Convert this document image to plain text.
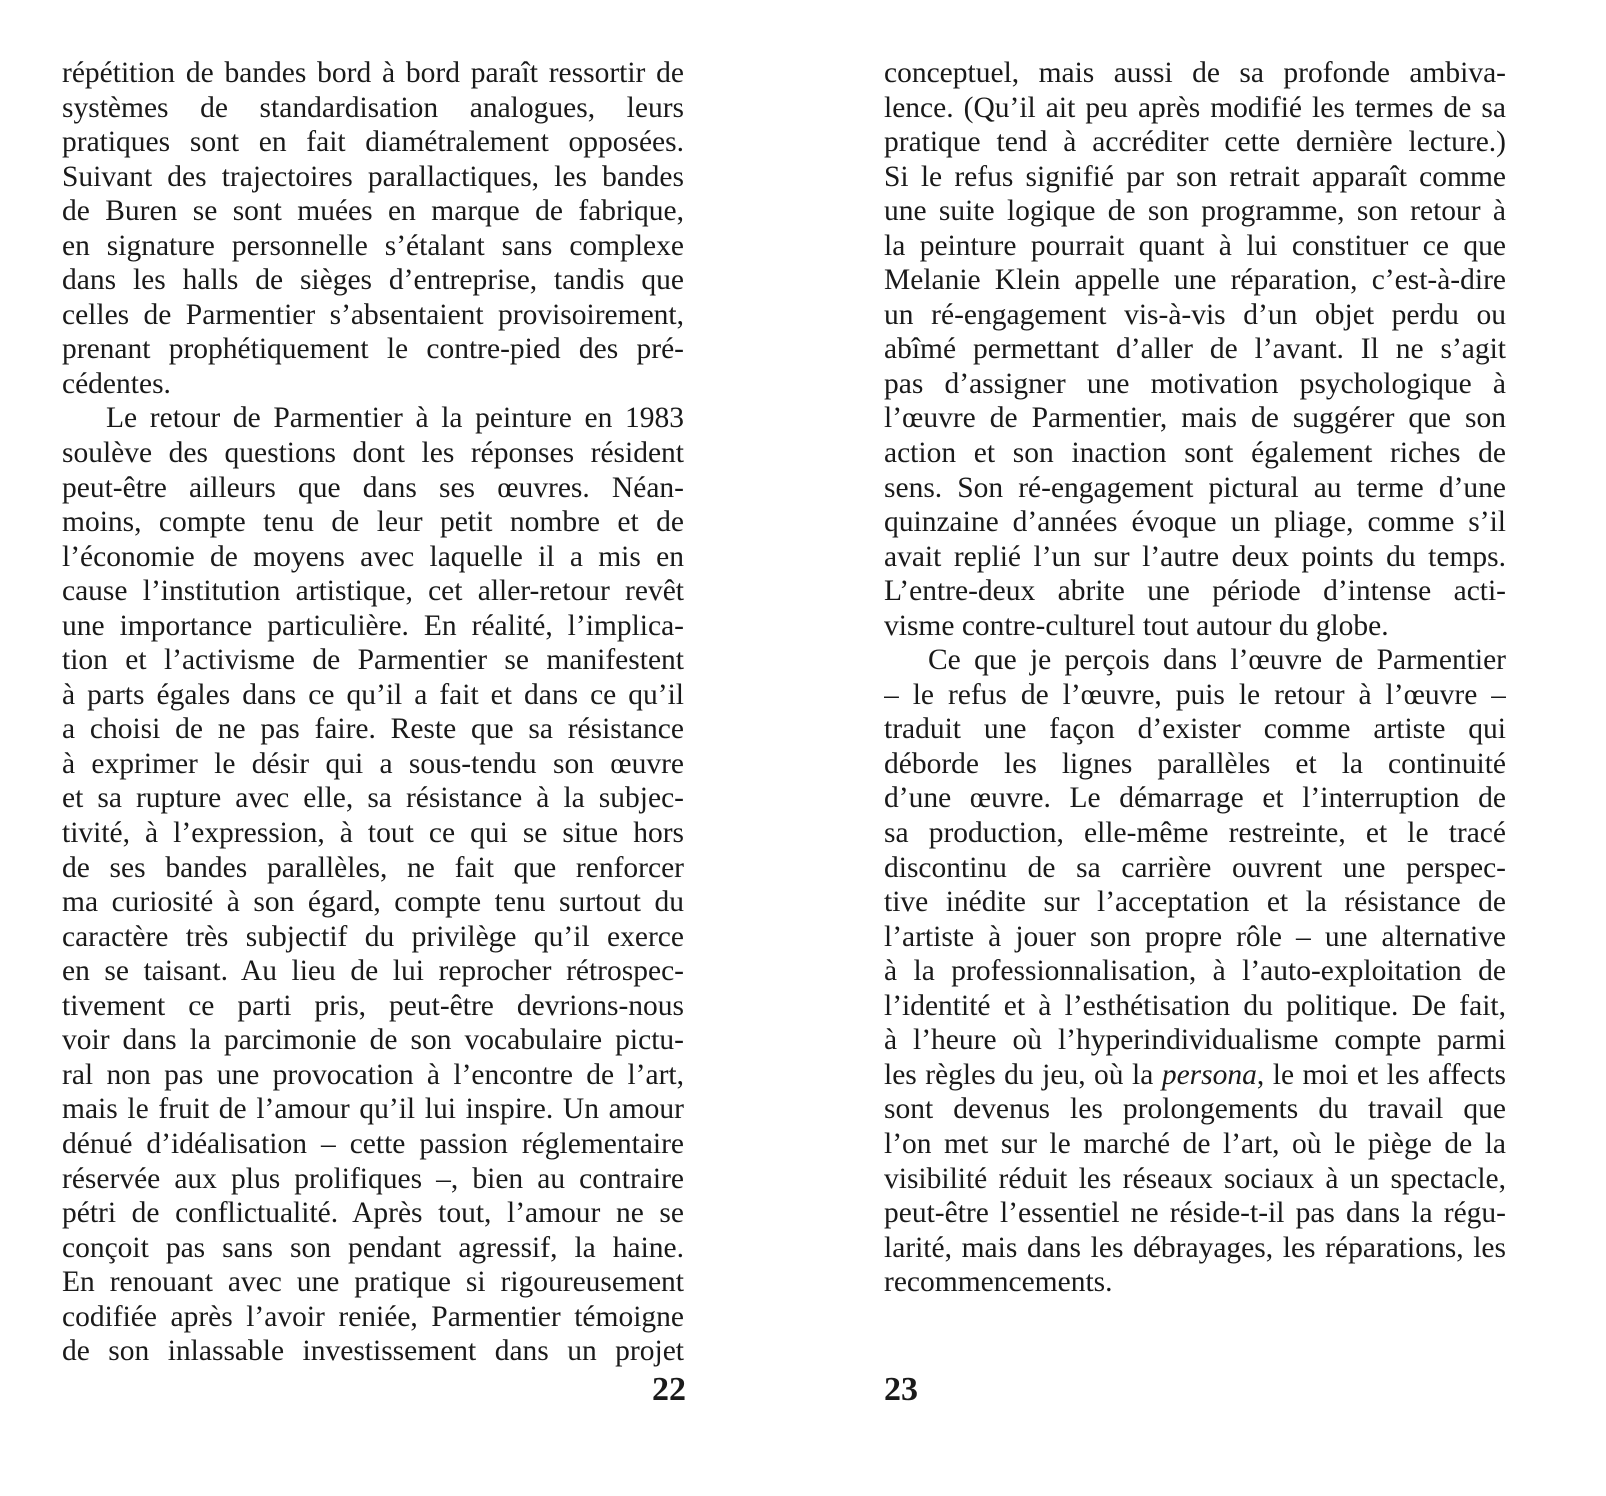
répétition de bandes bord à bord paraît ressortir de
systèmes de standardisation analogues, leurs
pratiques sont en fait diamétralement opposées.
Suivant des trajectoires parallactiques, les bandes
de Buren se sont muées en marque de fabrique,
en signature personnelle s’étalant sans complexe
dans les halls de sièges d’entreprise, tandis que
celles de Parmentier s’absentaient provisoirement,
prenant prophétiquement le contre-pied des pré-
cédentes.
Le retour de Parmentier à la peinture en 1983
soulève des questions dont les réponses résident
peut-être ailleurs que dans ses œuvres. Néan-
moins, compte tenu de leur petit nombre et de
l’économie de moyens avec laquelle il a mis en
cause l’institution artistique, cet aller-retour revêt
une importance particulière. En réalité, l’implica-
tion et l’activisme de Parmentier se manifestent
à parts égales dans ce qu’il a fait et dans ce qu’il
a choisi de ne pas faire. Reste que sa résistance
à exprimer le désir qui a sous-tendu son œuvre
et sa rupture avec elle, sa résistance à la subjec-
tivité, à l’expression, à tout ce qui se situe hors
de ses bandes parallèles, ne fait que renforcer
ma curiosité à son égard, compte tenu surtout du
caractère très subjectif du privilège qu’il exerce
en se taisant. Au lieu de lui reprocher rétrospec-
tivement ce parti pris, peut-être devrions-nous
voir dans la parcimonie de son vocabulaire pictu-
ral non pas une provocation à l’encontre de l’art,
mais le fruit de l’amour qu’il lui inspire. Un amour
dénué d’idéalisation – cette passion réglementaire
réservée aux plus prolifiques –, bien au contraire
pétri de conflictualité. Après tout, l’amour ne se
conçoit pas sans son pendant agressif, la haine.
En renouant avec une pratique si rigoureusement
codifiée après l’avoir reniée, Parmentier témoigne
de son inlassable investissement dans un projet
22
conceptuel, mais aussi de sa profonde ambiva-
lence. (Qu’il ait peu après modifié les termes de sa
pratique tend à accréditer cette dernière lecture.)
Si le refus signifié par son retrait apparaît comme
une suite logique de son programme, son retour à
la peinture pourrait quant à lui constituer ce que
Melanie Klein appelle une réparation, c’est-à-dire
un ré-engagement vis-à-vis d’un objet perdu ou
abîmé permettant d’aller de l’avant. Il ne s’agit
pas d’assigner une motivation psychologique à
l’œuvre de Parmentier, mais de suggérer que son
action et son inaction sont également riches de
sens. Son ré-engagement pictural au terme d’une
quinzaine d’années évoque un pliage, comme s’il
avait replié l’un sur l’autre deux points du temps.
L’entre-deux abrite une période d’intense acti-
visme contre-culturel tout autour du globe.
Ce que je perçois dans l’œuvre de Parmentier
– le refus de l’œuvre, puis le retour à l’œuvre –
traduit une façon d’exister comme artiste qui
déborde les lignes parallèles et la continuité
d’une œuvre. Le démarrage et l’interruption de
sa production, elle-même restreinte, et le tracé
discontinu de sa carrière ouvrent une perspec-
tive inédite sur l’acceptation et la résistance de
l’artiste à jouer son propre rôle – une alternative
à la professionnalisation, à l’auto-exploitation de
l’identité et à l’esthétisation du politique. De fait,
à l’heure où l’hyperindividualisme compte parmi
les règles du jeu, où la persona, le moi et les affects
sont devenus les prolongements du travail que
l’on met sur le marché de l’art, où le piège de la
visibilité réduit les réseaux sociaux à un spectacle,
peut-être l’essentiel ne réside-t-il pas dans la régu-
larité, mais dans les débrayages, les réparations, les
recommencements.
23
